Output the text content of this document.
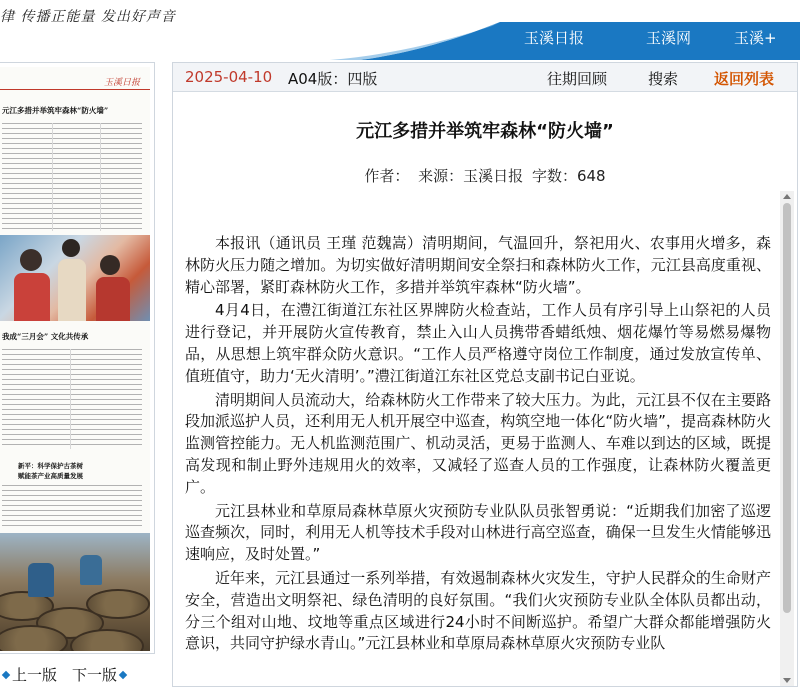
律 传播正能量 发出好声音
玉溪日报	玉溪网	玉溪+
玉溪日报
元江多措并举筑牢森林“防火墙”
我成“三月会” 文化共传承
新平：科学保护古茶树
赋能茶产业高质量发展
上一版 下一版
2025-04-10 A04版：四版	往期回顾	搜索 返回列表
元江多措并举筑牢森林“防火墙”
作者： 来源：玉溪日报 字数：648

本报讯（通讯员 王瑾 范魏嵩）清明期间，气温回升，祭祀用火、农事用火增多，森林防火压力随之增加。为切实做好清明期间安全祭扫和森林防火工作，元江县高度重视、精心部署，紧盯森林防火工作，多措并举筑牢森林“防火墙”。

4月4日，在澧江街道江东社区界牌防火检查站，工作人员有序引导上山祭祀的人员进行登记，并开展防火宣传教育，禁止入山人员携带香蜡纸烛、烟花爆竹等易燃易爆物品，从思想上筑牢群众防火意识。“工作人员严格遵守岗位工作制度，通过发放宣传单、值班值守，助力‘无火清明’。”澧江街道江东社区党总支副书记白亚说。

清明期间人员流动大，给森林防火工作带来了较大压力。为此，元江县不仅在主要路段加派巡护人员，还利用无人机开展空中巡查，构筑空地一体化“防火墙”，提高森林防火监测管控能力。无人机监测范围广、机动灵活，更易于监测人、车难以到达的区域，既提高发现和制止野外违规用火的效率，又减轻了巡查人员的工作强度，让森林防火覆盖更广。

元江县林业和草原局森林草原火灾预防专业队队员张智勇说：“近期我们加密了巡逻巡查频次，同时，利用无人机等技术手段对山林进行高空巡查，确保一旦发生火情能够迅速响应，及时处置。”

近年来，元江县通过一系列举措，有效遏制森林火灾发生，守护人民群众的生命财产安全，营造出文明祭祀、绿色清明的良好氛围。“我们火灾预防专业队全体队员都出动，分三个组对山地、坟地等重点区域进行24小时不间断巡护。希望广大群众都能增强防火意识，共同守护绿水青山。”元江县林业和草原局森林草原火灾预防专业队
